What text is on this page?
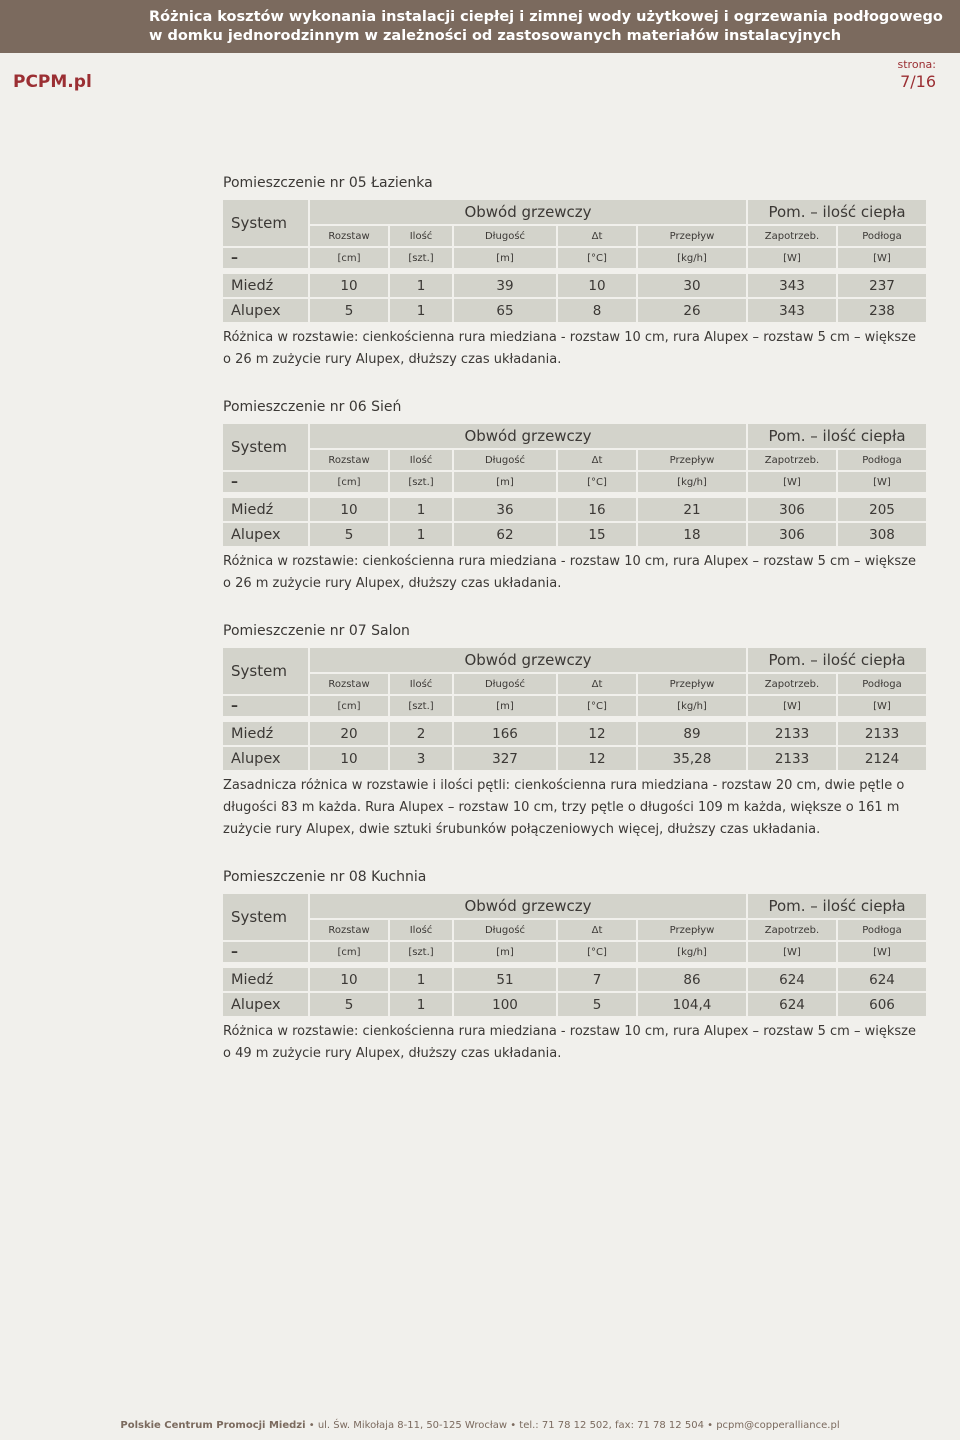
Różnica kosztów wykonania instalacji ciepłej i zimnej wody użytkowej i ogrzewania podłogowego
w domku jednorodzinnym w zależności od zastosowanych materiałów instalacyjnych
PCPM.pl
strona:
7/16
Pomieszczenie nr 05 Łazienka

System	Obwód grzewczy					Pom. – ilość ciepła	
	Rozstaw	Ilość	Długość	Δt	Przepływ	Zapotrzeb.	Podłoga
–	[cm]	[szt.]	[m]	[°C]	[kg/h]	[W]	[W]

Miedź	10	1	39	10	30	343	237
Alupex	5	1	65	8	26	343	238
Różnica w rozstawie: cienkościenna rura miedziana - rozstaw 10 cm, rura Alupex – rozstaw 5 cm – większe o 26 m zużycie rury Alupex, dłuższy czas układania.
Pomieszczenie nr 06 Sień

System	Obwód grzewczy					Pom. – ilość ciepła	
	Rozstaw	Ilość	Długość	Δt	Przepływ	Zapotrzeb.	Podłoga
–	[cm]	[szt.]	[m]	[°C]	[kg/h]	[W]	[W]

Miedź	10	1	36	16	21	306	205
Alupex	5	1	62	15	18	306	308
Różnica w rozstawie: cienkościenna rura miedziana - rozstaw 10 cm, rura Alupex – rozstaw 5 cm – większe o 26 m zużycie rury Alupex, dłuższy czas układania.
Pomieszczenie nr 07 Salon

System	Obwód grzewczy					Pom. – ilość ciepła	
	Rozstaw	Ilość	Długość	Δt	Przepływ	Zapotrzeb.	Podłoga
–	[cm]	[szt.]	[m]	[°C]	[kg/h]	[W]	[W]

Miedź	20	2	166	12	89	2133	2133
Alupex	10	3	327	12	35,28	2133	2124
Zasadnicza różnica w rozstawie i ilości pętli: cienkościenna rura miedziana - rozstaw 20 cm, dwie pętle o długości 83 m każda. Rura Alupex – rozstaw 10 cm, trzy pętle o długości 109 m każda, większe o 161 m zużycie rury Alupex, dwie sztuki śrubunków połączeniowych więcej, dłuższy czas układania.
Pomieszczenie nr 08 Kuchnia

System	Obwód grzewczy					Pom. – ilość ciepła	
	Rozstaw	Ilość	Długość	Δt	Przepływ	Zapotrzeb.	Podłoga
–	[cm]	[szt.]	[m]	[°C]	[kg/h]	[W]	[W]

Miedź	10	1	51	7	86	624	624
Alupex	5	1	100	5	104,4	624	606
Różnica w rozstawie: cienkościenna rura miedziana - rozstaw 10 cm, rura Alupex – rozstaw 5 cm – większe o 49 m zużycie rury Alupex, dłuższy czas układania.
Polskie Centrum Promocji Miedzi • ul. Św. Mikołaja 8-11, 50-125 Wrocław • tel.: 71 78 12 502, fax: 71 78 12 504 • pcpm@copperalliance.pl
